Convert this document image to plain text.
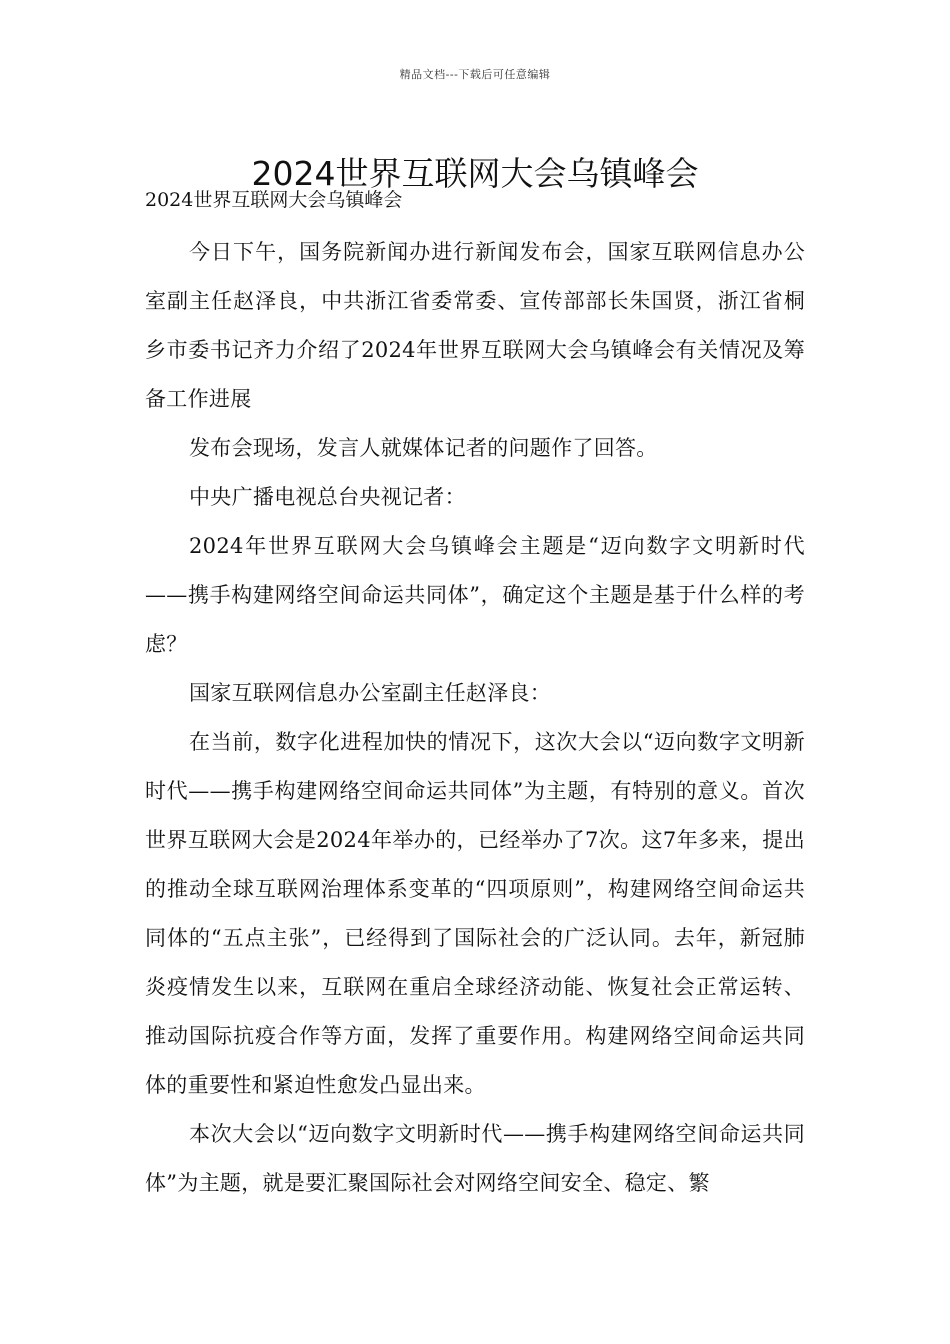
精品文档---下载后可任意编辑
2024世界互联网大会乌镇峰会
2024世界互联网大会乌镇峰会

今日下午，国务院新闻办进行新闻发布会，国家互联网信息办公室副主任赵泽良，中共浙江省委常委、宣传部部长朱国贤，浙江省桐乡市委书记齐力介绍了2024年世界互联网大会乌镇峰会有关情况及筹备工作进展

发布会现场，发言人就媒体记者的问题作了回答。

中央广播电视总台央视记者：

2024年世界互联网大会乌镇峰会主题是“迈向数字文明新时代——携手构建网络空间命运共同体”，确定这个主题是基于什么样的考虑？

国家互联网信息办公室副主任赵泽良：

在当前，数字化进程加快的情况下，这次大会以“迈向数字文明新时代——携手构建网络空间命运共同体”为主题，有特别的意义。首次世界互联网大会是2024年举办的，已经举办了7次。这7年多来，提出的推动全球互联网治理体系变革的“四项原则”，构建网络空间命运共同体的“五点主张”，已经得到了国际社会的广泛认同。去年，新冠肺炎疫情发生以来，互联网在重启全球经济动能、恢复社会正常运转、推动国际抗疫合作等方面，发挥了重要作用。构建网络空间命运共同体的重要性和紧迫性愈发凸显出来。

本次大会以“迈向数字文明新时代——携手构建网络空间命运共同体”为主题，就是要汇聚国际社会对网络空间安全、稳定、繁
